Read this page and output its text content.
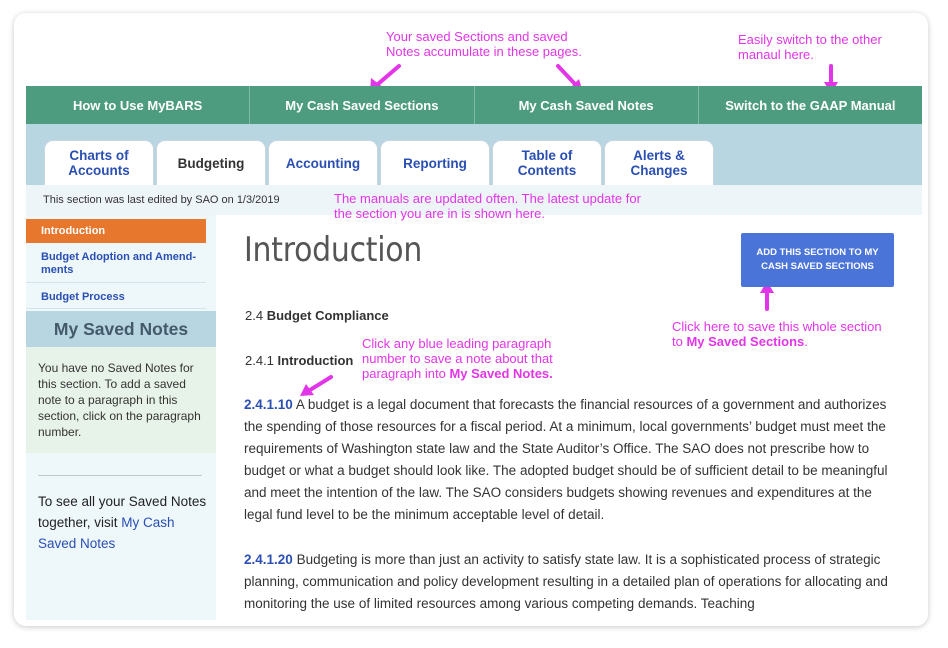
Your saved Sections and saved Notes accumulate in these pages.
Easily switch to the other manaul here.
How to Use MyBARS	My Cash Saved Sections	My Cash Saved Notes	Switch to the GAAP Manual
Charts of Accounts	Budgeting	Accounting	Reporting	Table of Contents
Alerts & Changes
This section was last edited by SAO on 1/3/2019	The manuals are updated often. The latest update for the section you are in is shown here.
Introduction
Budget Adoption and Amend-ments
Budget Process
My Saved Notes
You have no Saved Notes for this section. To add a saved note to a paragraph in this section, click on the paragraph number.
To see all your Saved Notes together, visit My Cash Saved Notes
Introduction	ADD THIS SECTION TO MY CASH SAVED SECTIONS
Click here to save this whole section to My Saved Sections.
2.4 Budget Compliance
2.4.1 Introduction
Click any blue leading paragraph number to save a note about that paragraph into My Saved Notes.
2.4.1.10 A budget is a legal document that forecasts the financial resources of a government and authorizes the spending of those resources for a fiscal period. At a minimum, local governments’ budget must meet the requirements of Washington state law and the State Auditor’s Office. The SAO does not prescribe how to budget or what a budget should look like. The adopted budget should be of sufficient detail to be meaningful and meet the intention of the law. The SAO considers budgets showing revenues and expenditures at the legal fund level to be the minimum acceptable level of detail.
2.4.1.20 Budgeting is more than just an activity to satisfy state law. It is a sophisticated process of strategic planning, communication and policy development resulting in a detailed plan of operations for allocating and monitoring the use of limited resources among various competing demands. Teaching
